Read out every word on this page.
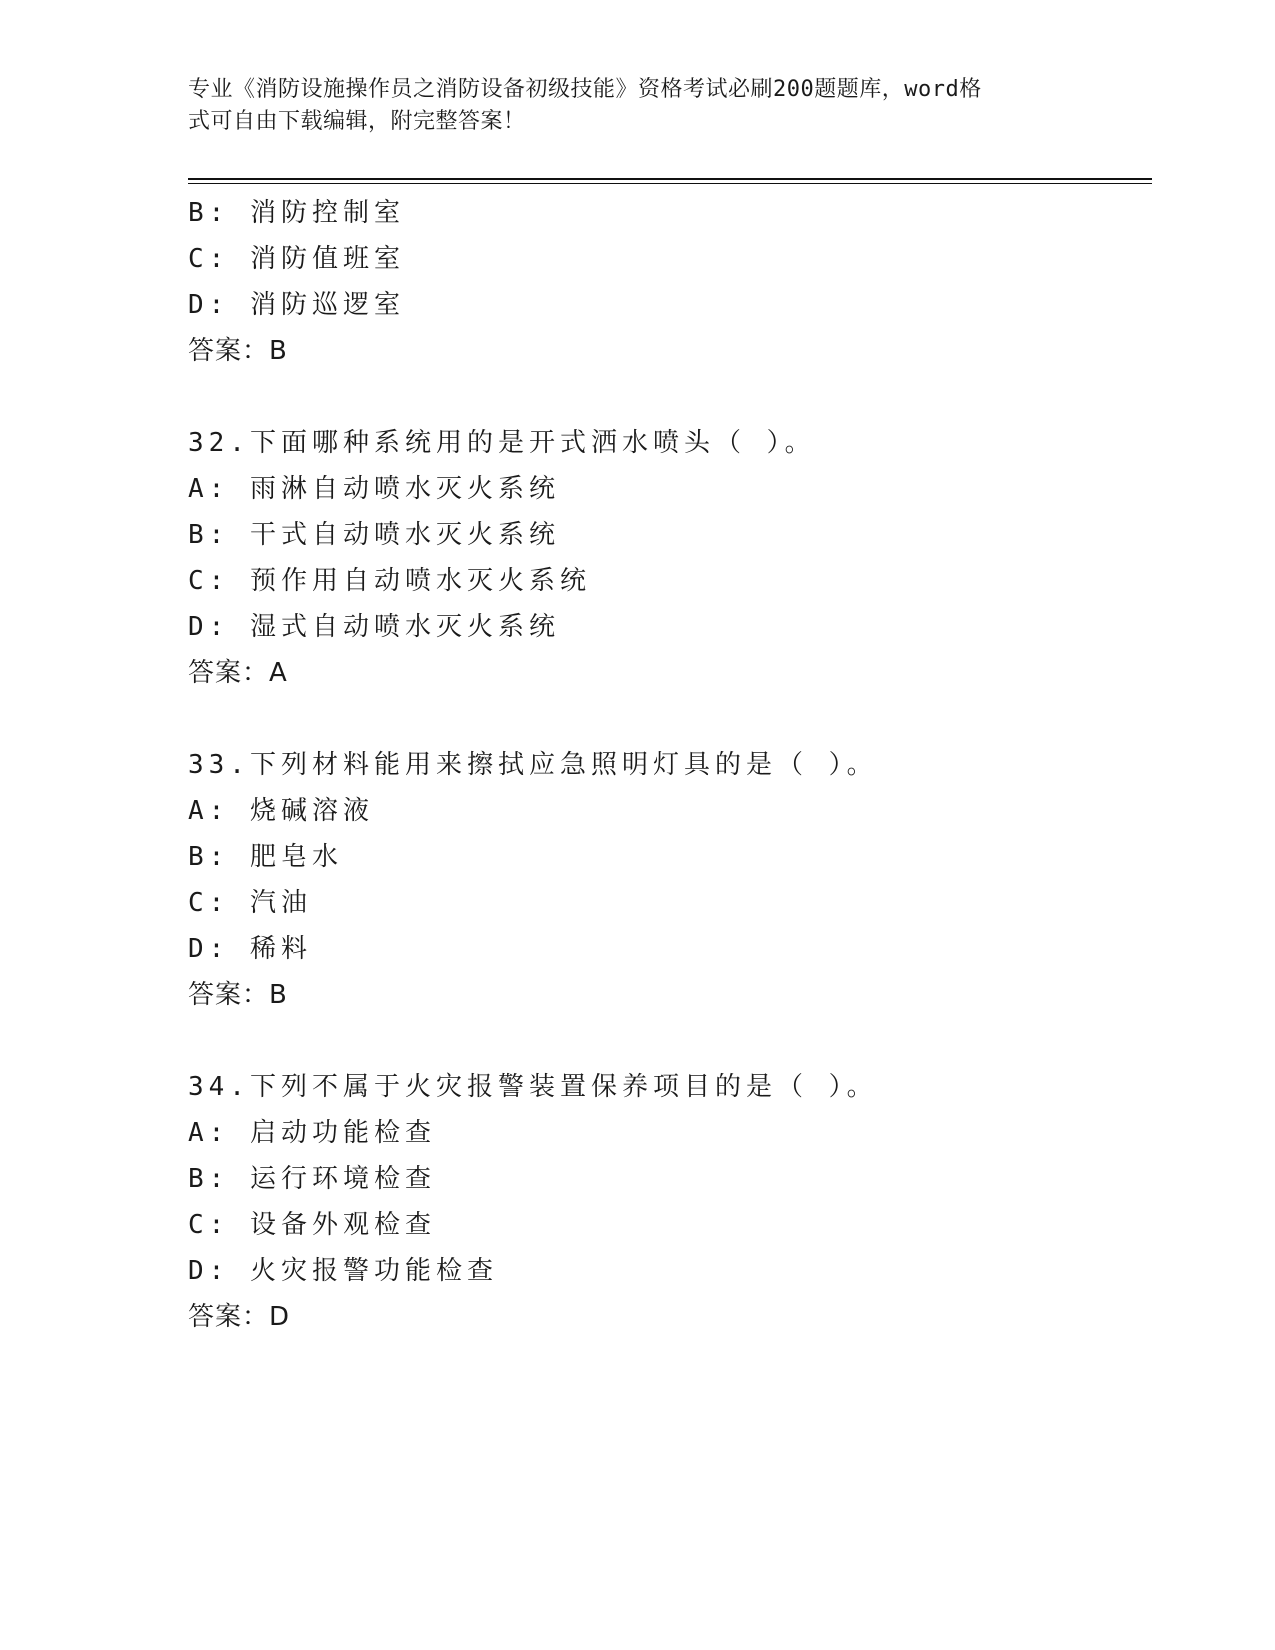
专业《消防设施操作员之消防设备初级技能》资格考试必刷200题题库，word格
式可自由下载编辑，附完整答案！
B: 消防控制室
C: 消防值班室
D: 消防巡逻室
答案：B
32.下面哪种系统用的是开式洒水喷头（ ）。
A: 雨淋自动喷水灭火系统
B: 干式自动喷水灭火系统
C: 预作用自动喷水灭火系统
D: 湿式自动喷水灭火系统
答案：A
33.下列材料能用来擦拭应急照明灯具的是（ ）。
A: 烧碱溶液
B: 肥皂水
C: 汽油
D: 稀料
答案：B
34.下列不属于火灾报警装置保养项目的是（ ）。
A: 启动功能检查
B: 运行环境检查
C: 设备外观检查
D: 火灾报警功能检查
答案：D
